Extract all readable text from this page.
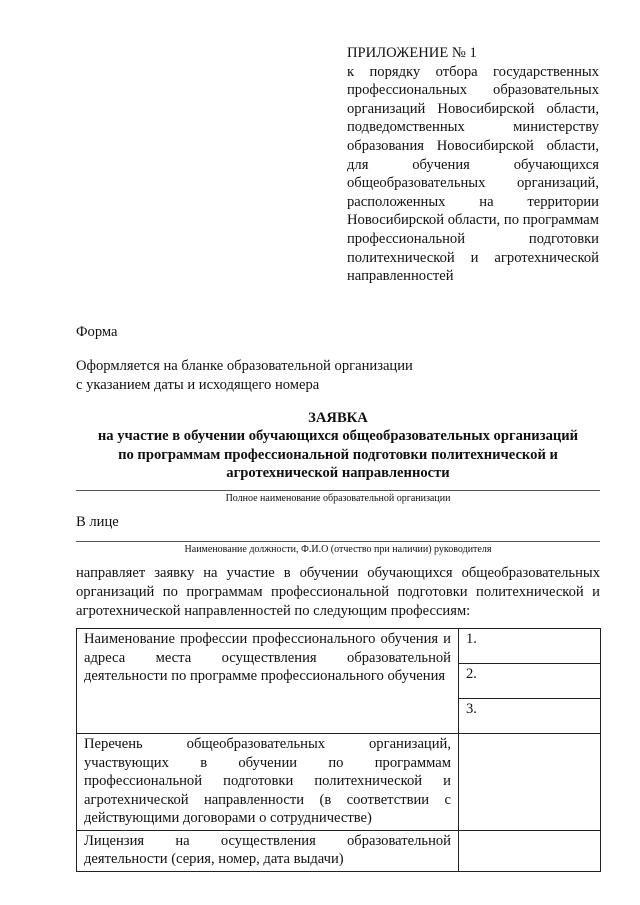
ПРИЛОЖЕНИЕ № 1
к порядку отбора государственных профессиональных образовательных организаций Новосибирской области, подведомственных министерству образования Новосибирской области, для обучения обучающихся общеобразовательных организаций, расположенных на территории Новосибирской области, по программам профессиональной подготовки политехнической и агротехнической направленностей
Форма
Оформляется на бланке образовательной организации
с указанием даты и исходящего номера
ЗАЯВКА
на участие в обучении обучающихся общеобразовательных организаций
по программам профессиональной подготовки политехнической и
агротехнической направленности
Полное наименование образовательной организации
В лице
Наименование должности, Ф.И.О (отчество при наличии) руководителя
направляет заявку на участие в обучении обучающихся общеобразовательных организаций по программам профессиональной подготовки политехнической и агротехнической направленностей по следующим профессиям:
Наименование профессии профессионального обучения и адреса места осуществления образовательной деятельности по программе профессионального обучения	1.
	2.
	3.
Перечень общеобразовательных организаций, участвующих в обучении по программам профессиональной подготовки политехнической и агротехнической направленности (в соответствии с действующими договорами о сотрудничестве)	
Лицензия на осуществления образовательной деятельности (серия, номер, дата выдачи)	
